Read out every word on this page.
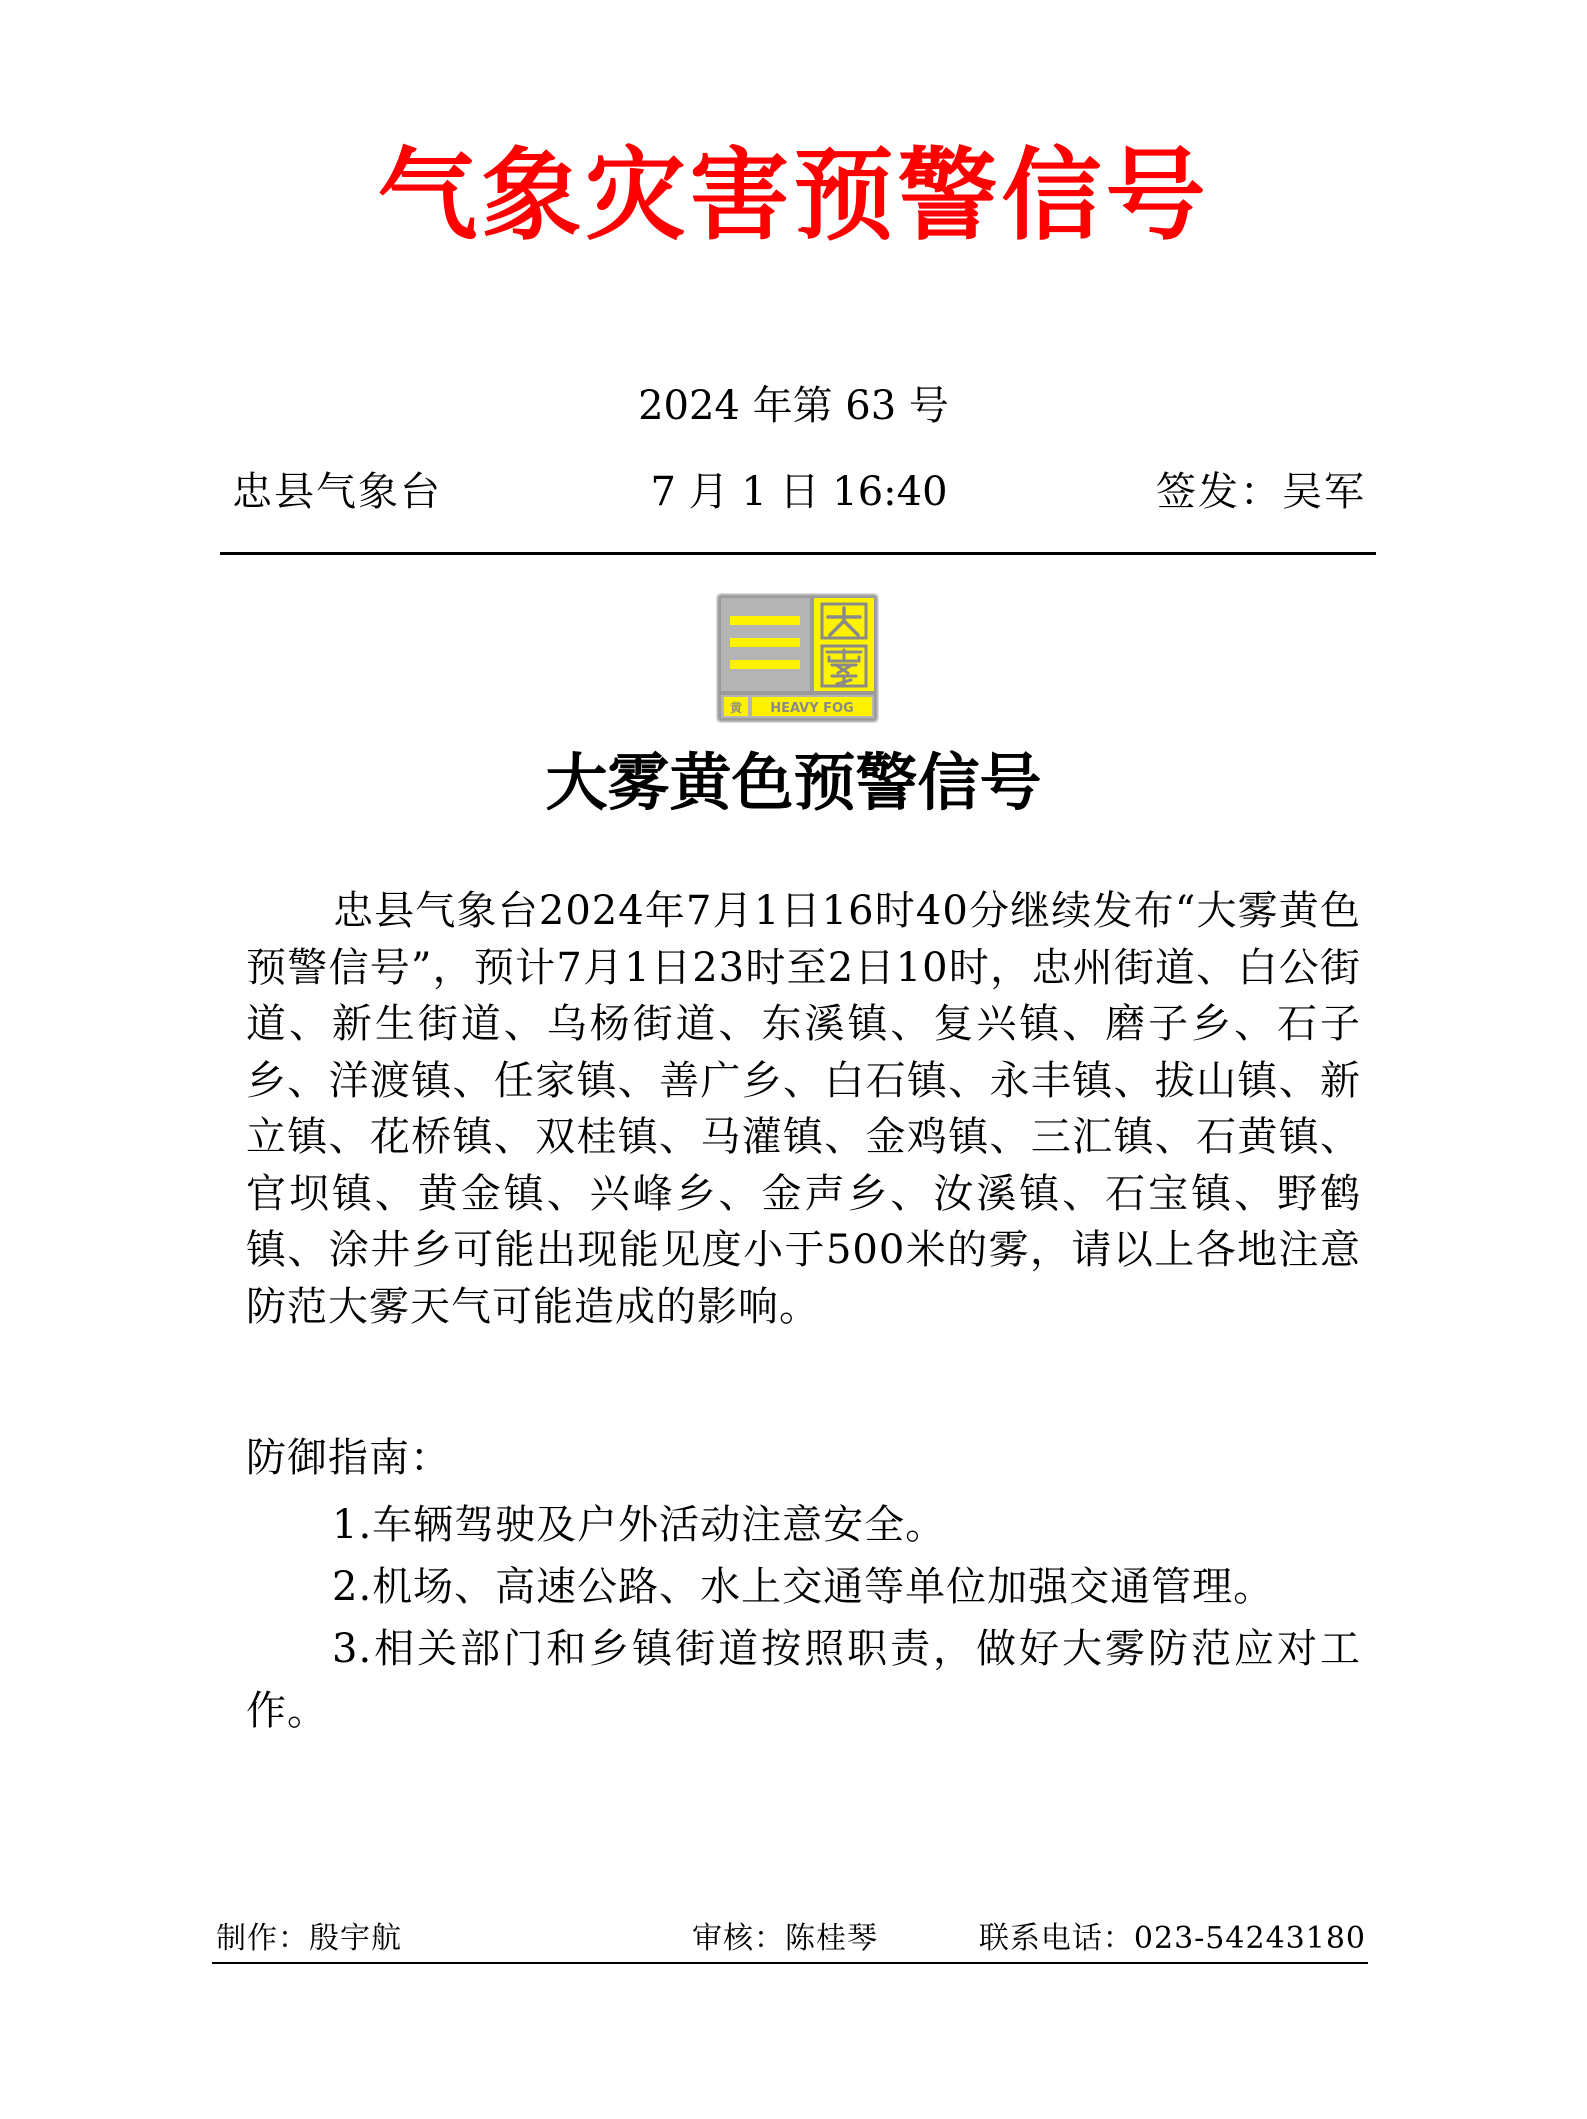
气象灾害预警信号
2024 年第 63 号
忠县气象台	7 月 1 日 16:40	签发：吴军
黄 HEAVY FOG
大雾黄色预警信号

忠县气象台2024年7月1日16时40分继续发布“大雾黄色预警信号”，预计7月1日23时至2日10时，忠州街道、白公街道、新生街道、乌杨街道、东溪镇、复兴镇、磨子乡、石子乡、洋渡镇、任家镇、善广乡、白石镇、永丰镇、拔山镇、新立镇、花桥镇、双桂镇、马灌镇、金鸡镇、三汇镇、石黄镇、官坝镇、黄金镇、兴峰乡、金声乡、汝溪镇、石宝镇、野鹤镇、涂井乡可能出现能见度小于500米的雾，请以上各地注意防范大雾天气可能造成的影响。

防御指南：
1.车辆驾驶及户外活动注意安全。
2.机场、高速公路、水上交通等单位加强交通管理。
3.相关部门和乡镇街道按照职责，做好大雾防范应对工作。
制作：殷宇航	审核：陈桂琴	联系电话：023-54243180
